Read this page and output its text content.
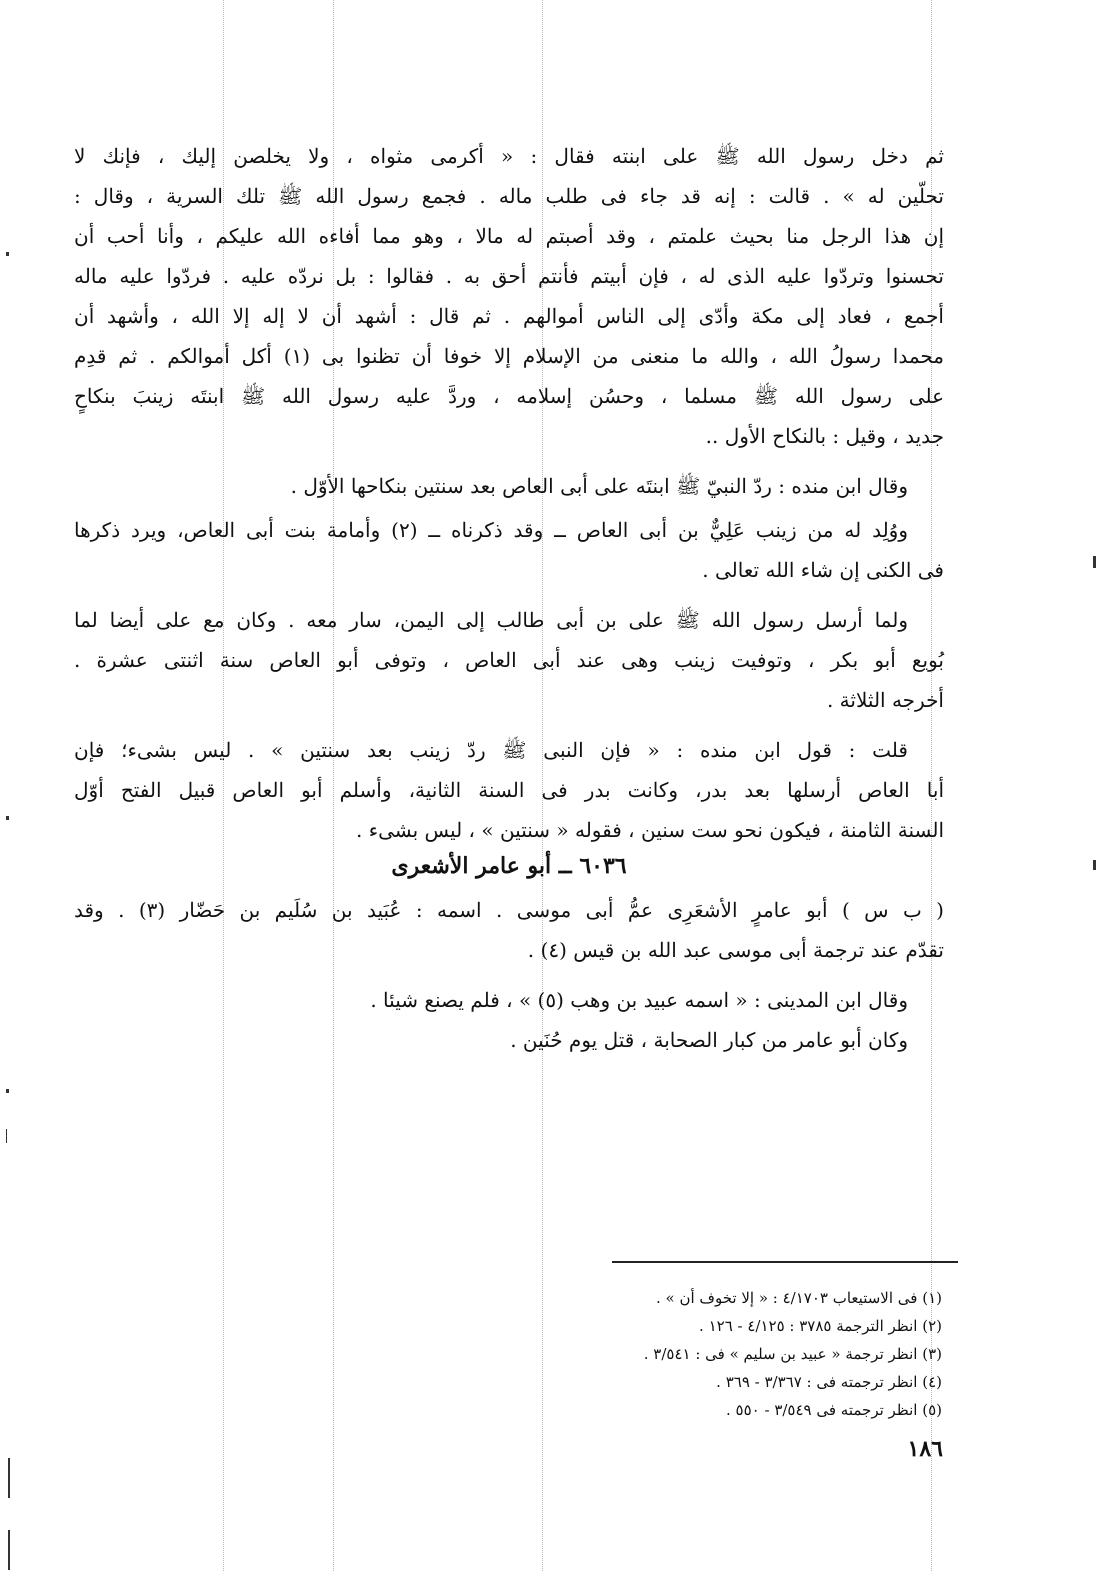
ثم دخل رسول الله ﷺ على ابنته فقال : « أكرمى مثواه ، ولا يخلصن إليك ، فإنك لا
تحلّين له » . قالت : إنه قد جاء فى طلب ماله . فجمع رسول الله ﷺ تلك السرية ، وقال :
إن هذا الرجل منا بحيث علمتم ، وقد أصبتم له مالا ، وهو مما أفاءه الله عليكم ، وأنا أحب أن
تحسنوا وتردّوا عليه الذى له ، فإن أبيتم فأنتم أحق به . فقالوا : بل نردّه عليه . فردّوا عليه ماله
أجمع ، فعاد إلى مكة وأدّى إلى الناس أموالهم . ثم قال : أشهد أن لا إله إلا الله ، وأشهد أن
محمدا رسولُ الله ، والله ما منعنى من الإسلام إلا خوفا أن تظنوا بى (١) أكل أموالكم . ثم قدِم
على رسول الله ﷺ مسلما ، وحسُن إسلامه ، وردَّ عليه رسول الله ﷺ ابنتَه زينبَ بنكاحٍ
جديد ، وقيل : بالنكاح الأول ..
وقال ابن منده : ردّ النبيّ ﷺ ابنتَه على أبى العاص بعد سنتين بنكاحها الأوّل .
ووُلِد له من زينب عَلِيٌّ بن أبى العاص ــ وقد ذكرناه ــ (٢) وأمامة بنت أبى العاص، ويرد ذكرها
فى الكنى إن شاء الله تعالى .
ولما أرسل رسول الله ﷺ على بن أبى طالب إلى اليمن، سار معه . وكان مع على أيضا لما
بُويع أبو بكر ، وتوفيت زينب وهى عند أبى العاص ، وتوفى أبو العاص سنة اثنتى عشرة .
أخرجه الثلاثة .
قلت : قول ابن منده : « فإن النبى ﷺ ردّ زينب بعد سنتين » . ليس بشىء؛ فإن
أبا العاص أرسلها بعد بدر، وكانت بدر فى السنة الثانية، وأسلم أبو العاص قبيل الفتح أوّل
السنة الثامنة ، فيكون نحو ست سنين ، فقوله « سنتين » ، ليس بشىء .
٦٠٣٦ ــ أبو عامر الأشعرى
( ب س ) أبو عامرٍ الأشعَرِى عمُّ أبى موسى . اسمه : عُبَيد بن سُلَيم بن حَضّار (٣) . وقد
تقدّم عند ترجمة أبى موسى عبد الله بن قيس (٤) .
وقال ابن المدينى : « اسمه عبيد بن وهب (٥) » ، فلم يصنع شيئا .
وكان أبو عامر من كبار الصحابة ، قتل يوم حُنَين .
(١) فى الاستيعاب ٤/١٧٠٣ : « إلا تخوف أن » .
(٢) انظر الترجمة ٣٧٨٥ : ٤/١٢٥ - ١٢٦ .
(٣) انظر ترجمة « عبيد بن سليم » فى : ٣/٥٤١ .
(٤) انظر ترجمته فى : ٣/٣٦٧ - ٣٦٩ .
(٥) انظر ترجمته فى ٣/٥٤٩ - ٥٥٠ .
١٨٦
